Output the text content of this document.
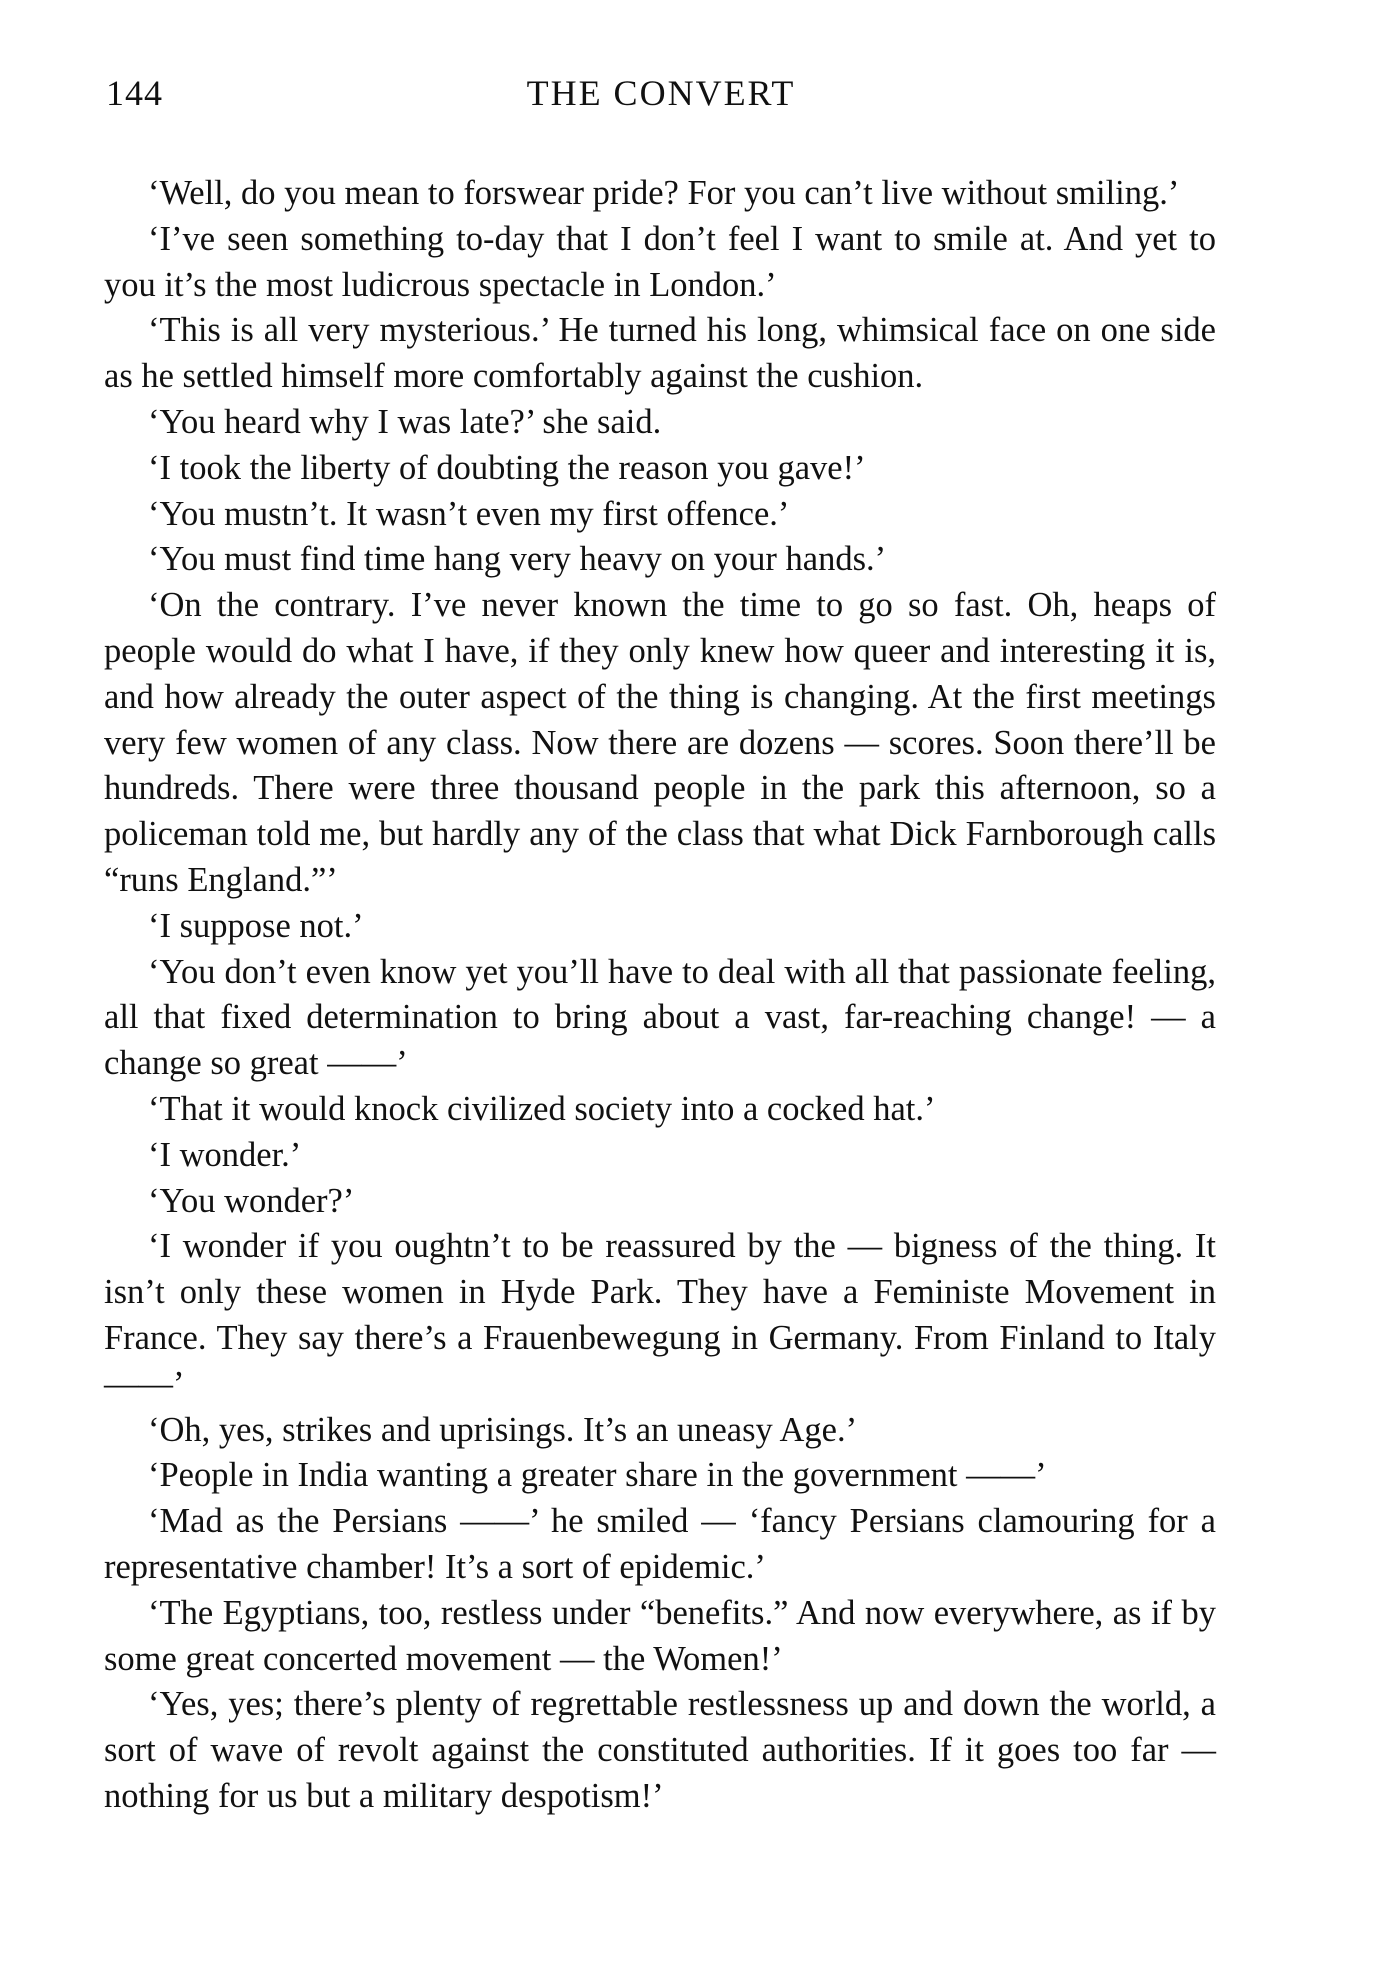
144	THE CONVERT

‘Well, do you mean to forswear pride? For you can’t live without smiling.’

‘I’ve seen something to-day that I don’t feel I want to smile at. And yet to you it’s the most ludicrous spectacle in London.’

‘This is all very mysterious.’ He turned his long, whimsical face on one side as he settled himself more comfortably against the cushion.

‘You heard why I was late?’ she said.

‘I took the liberty of doubting the reason you gave!’

‘You mustn’t. It wasn’t even my first offence.’

‘You must find time hang very heavy on your hands.’

‘On the contrary. I’ve never known the time to go so fast. Oh, heaps of people would do what I have, if they only knew how queer and interesting it is, and how already the outer aspect of the thing is changing. At the first meetings very few women of any class. Now there are dozens — scores. Soon there’ll be hundreds. There were three thousand people in the park this afternoon, so a policeman told me, but hardly any of the class that what Dick Farnborough calls “runs England.”’

‘I suppose not.’

‘You don’t even know yet you’ll have to deal with all that passionate feeling, all that fixed determination to bring about a vast, far-reaching change! — a change so great ——’

‘That it would knock civilized society into a cocked hat.’

‘I wonder.’

‘You wonder?’

‘I wonder if you oughtn’t to be reassured by the — bigness of the thing. It isn’t only these women in Hyde Park. They have a Feministe Movement in France. They say there’s a Frauenbewegung in Germany. From Finland to Italy ——’

‘Oh, yes, strikes and uprisings. It’s an uneasy Age.’

‘People in India wanting a greater share in the government ——’

‘Mad as the Persians ——’ he smiled — ‘fancy Persians clamouring for a representative chamber! It’s a sort of epidemic.’

‘The Egyptians, too, restless under “benefits.” And now everywhere, as if by some great concerted movement — the Women!’

‘Yes, yes; there’s plenty of regrettable restlessness up and down the world, a sort of wave of revolt against the constituted authorities. If it goes too far — nothing for us but a military despotism!’
